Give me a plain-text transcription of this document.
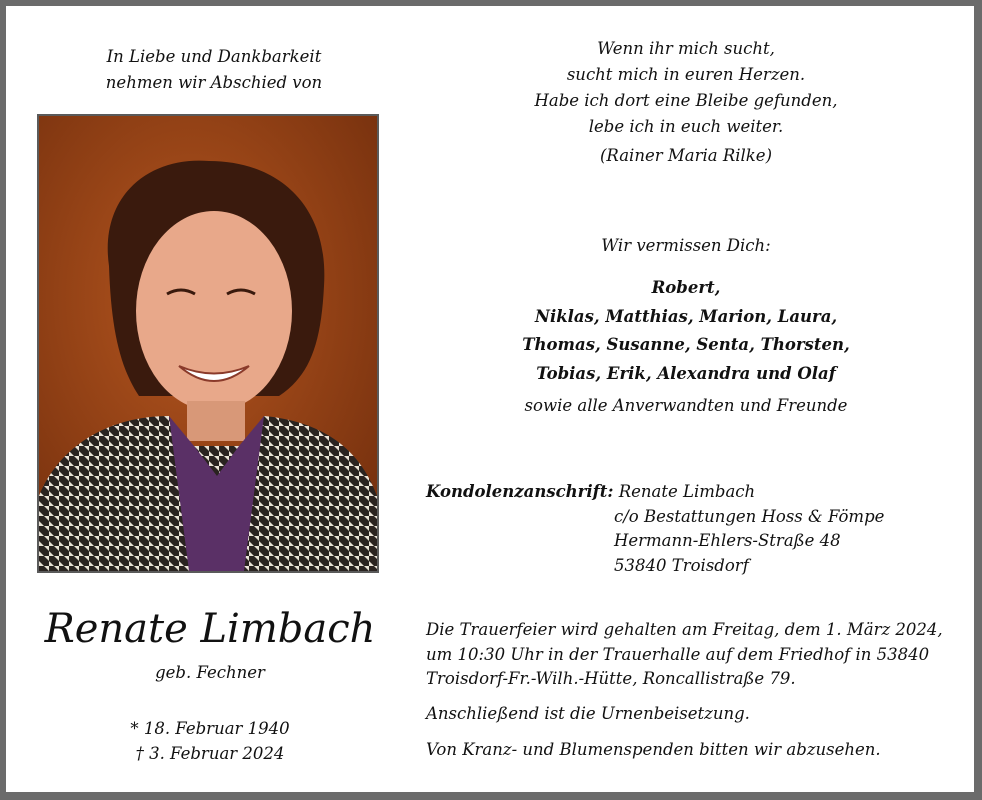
In Liebe und Dankbarkeit
nehmen wir Abschied von
Wenn ihr mich sucht,
sucht mich in euren Herzen.
Habe ich dort eine Bleibe gefunden,
lebe ich in euch weiter.
(Rainer Maria Rilke)
Wir vermissen Dich:
Robert,
Niklas, Matthias, Marion, Laura,
Thomas, Susanne, Senta, Thorsten,
Tobias, Erik, Alexandra und Olaf
sowie alle Anverwandten und Freunde
Kondolenzanschrift: Renate Limbach
c/o Bestattungen Hoss & Fömpe
Hermann-Ehlers-Straße 48
53840 Troisdorf
Renate Limbach
geb. Fechner
* 18. Februar 1940
† 3. Februar 2024
Die Trauerfeier wird gehalten am Freitag, dem 1. März 2024,
um 10:30 Uhr in der Trauerhalle auf dem Friedhof in 53840
Troisdorf-Fr.-Wilh.-Hütte, Roncallistraße 79.
Anschließend ist die Urnenbeisetzung.
Von Kranz- und Blumenspenden bitten wir abzusehen.
